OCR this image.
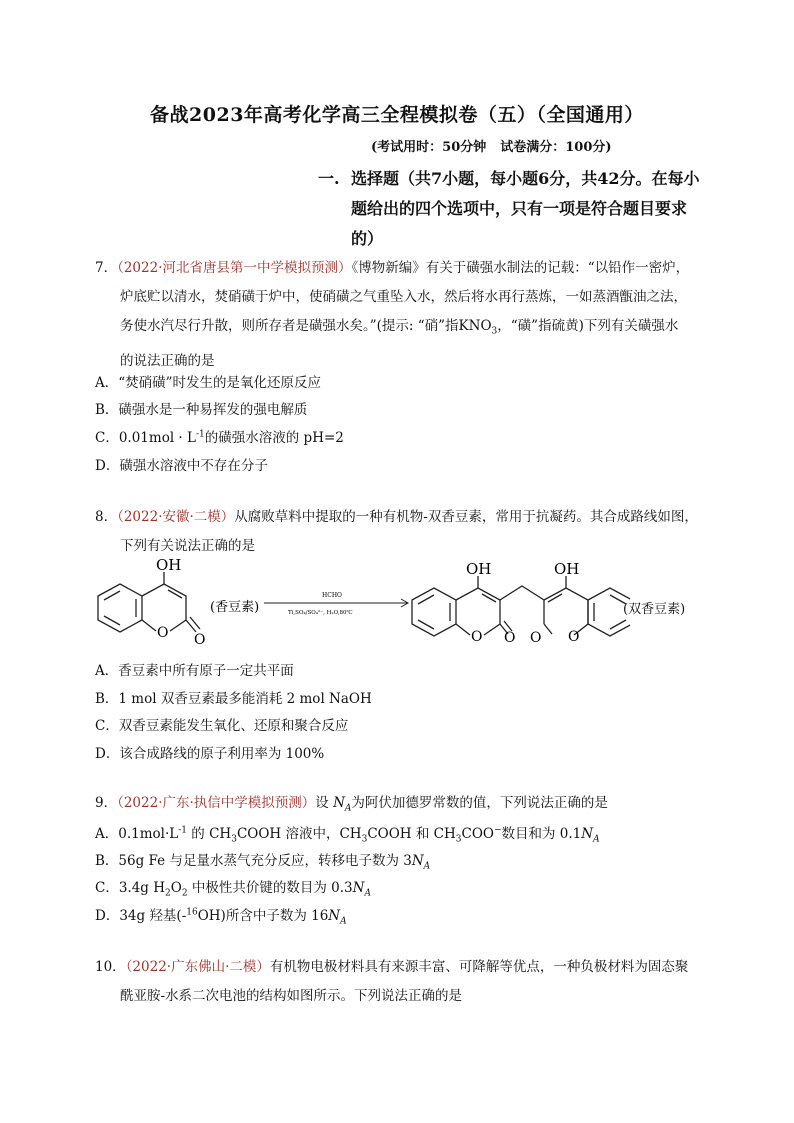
备战2023年高考化学高三全程模拟卷（五）（全国通用）
(考试用时：50分钟 试卷满分：100分)
一. 选择题（共7小题，每小题6分，共42分。在每小题给出的四个选项中，只有一项是符合题目要求的）
7．（2022·河北省唐县第一中学模拟预测）《博物新编》有关于磺强水制法的记载：“以铅作一密炉，
炉底贮以清水，焚硝磺于炉中，使硝磺之气重坠入水，然后将水再行蒸炼，一如蒸酒甑油之法，
务使水汽尽行升散，则所存者是磺强水矣。”(提示: “硝”指$KNO_3$，“磺”指硫黄)下列有关磺强水
的说法正确的是
A．“焚硝磺”时发生的是氧化还原反应
B．磺强水是一种易挥发的强电解质
C．$0.01mol \cdot L^{-1}$的磺强水溶液的 pH=2
D．磺强水溶液中不存在分子
8．（2022·安徽·二模）从腐败草料中提取的一种有机物-双香豆素，常用于抗凝药。其合成路线如图，
下列有关说法正确的是
OH
O O
(香豆素)
HCHO
Ti,SO₄/SO₄²⁻, H₂O,80℃
OH	OH
O O O O
(双香豆素)
A．香豆素中所有原子一定共平面
B．1 mol 双香豆素最多能消耗 2 mol NaOH
C．双香豆素能发生氧化、还原和聚合反应
D．该合成路线的原子利用率为 100%
9．（2022·广东·执信中学模拟预测）设 $N_A$为阿伏加德罗常数的值，下列说法正确的是
A．$0.1mol\cdot L^{-1}$ 的 $CH_3COOH$ 溶液中，$CH_3COOH$ 和 $CH_3COO^-$数目和为 $0.1N_A$
B．56g Fe 与足量水蒸气充分反应，转移电子数为 $3N_A$
C．3.4g $H_2O_2$ 中极性共价键的数目为 $0.3N_A$
D．34g 羟基(-$^{16}$OH)所含中子数为 $16N_A$
10．（2022·广东佛山·二模）有机物电极材料具有来源丰富、可降解等优点，一种负极材料为固态聚
酰亚胺-水系二次电池的结构如图所示。下列说法正确的是
